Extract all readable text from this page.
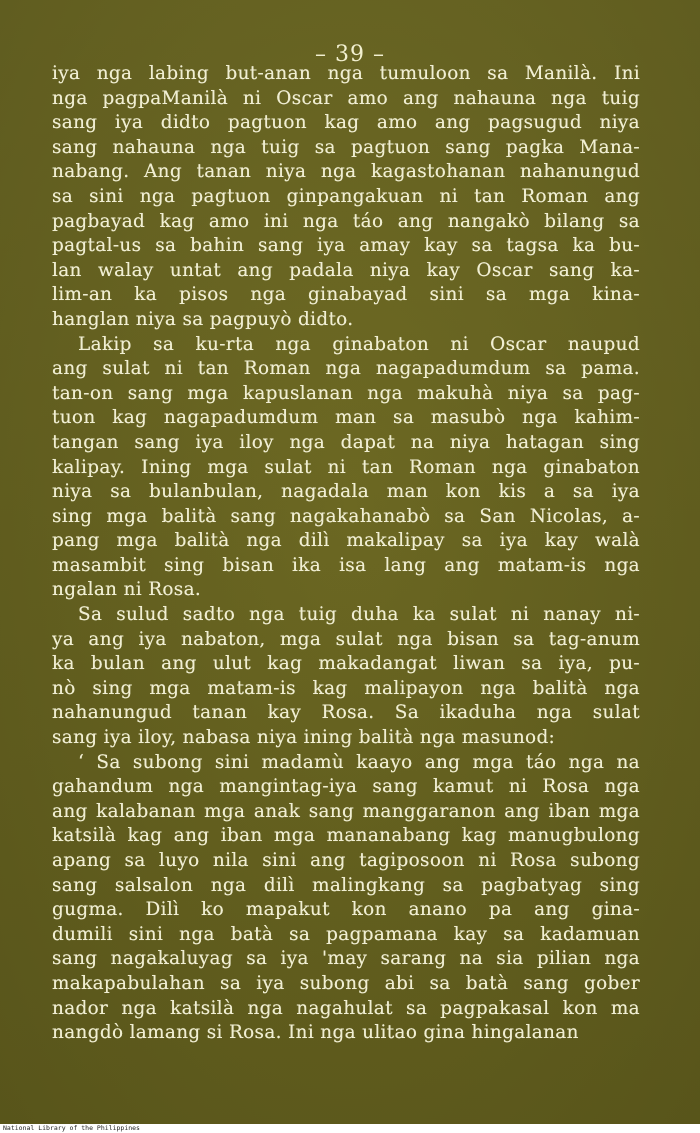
– 39 –

iya nga labing but-anan nga tumuloon sa Manilà. Ini
nga pagpaManilà ni Oscar amo ang nahauna nga tuig
sang iya didto pagtuon kag amo ang pagsugud niya
sang nahauna nga tuig sa pagtuon sang pagka Mana-
nabang. Ang tanan niya nga kagastohanan nahanungud
sa sini nga pagtuon ginpangakuan ni tan Roman ang
pagbayad kag amo ini nga táo ang nangakò bilang sa
pagtal-us sa bahin sang iya amay kay sa tagsa ka bu-
lan walay untat ang padala niya kay Oscar sang ka-
lim-an ka pisos nga ginabayad sini sa mga kina-
hanglan niya sa pagpuyò didto.
Lakip sa ku-rta nga ginabaton ni Oscar naupud
ang sulat ni tan Roman nga nagapadumdum sa pama.
tan-on sang mga kapuslanan nga makuhà niya sa pag-
tuon kag nagapadumdum man sa masubò nga kahim-
tangan sang iya iloy nga dapat na niya hatagan sing
kalipay. Ining mga sulat ni tan Roman nga ginabaton
niya sa bulanbulan, nagadala man kon kis a sa iya
sing mga balità sang nagakahanabò sa San Nicolas, a-
pang mga balità nga dilì makalipay sa iya kay walà
masambit sing bisan ika isa lang ang matam-is nga
ngalan ni Rosa.
Sa sulud sadto nga tuig duha ka sulat ni nanay ni-
ya ang iya nabaton, mga sulat nga bisan sa tag-anum
ka bulan ang ulut kag makadangat liwan sa iya, pu-
nò sing mga matam-is kag malipayon nga balità nga
nahanungud tanan kay Rosa. Sa ikaduha nga sulat
sang iya iloy, nabasa niya ining balità nga masunod:
‘ Sa subong sini madamù kaayo ang mga táo nga na
gahandum nga mangintag-iya sang kamut ni Rosa nga
ang kalabanan mga anak sang manggaranon ang iban mga
katsilà kag ang iban mga mananabang kag manugbulong
apang sa luyo nila sini ang tagiposoon ni Rosa subong
sang salsalon nga dilì malingkang sa pagbatyag sing
gugma. Dilì ko mapakut kon anano pa ang gina-
dumili sini nga batà sa pagpamana kay sa kadamuan
sang nagakaluyag sa iya 'may sarang na sia pilian nga
makapabulahan sa iya subong abi sa batà sang gober
nador nga katsilà nga nagahulat sa pagpakasal kon ma
nangdò lamang si Rosa. Ini nga ulitao gina hingalanan

National Library of the Philippines
